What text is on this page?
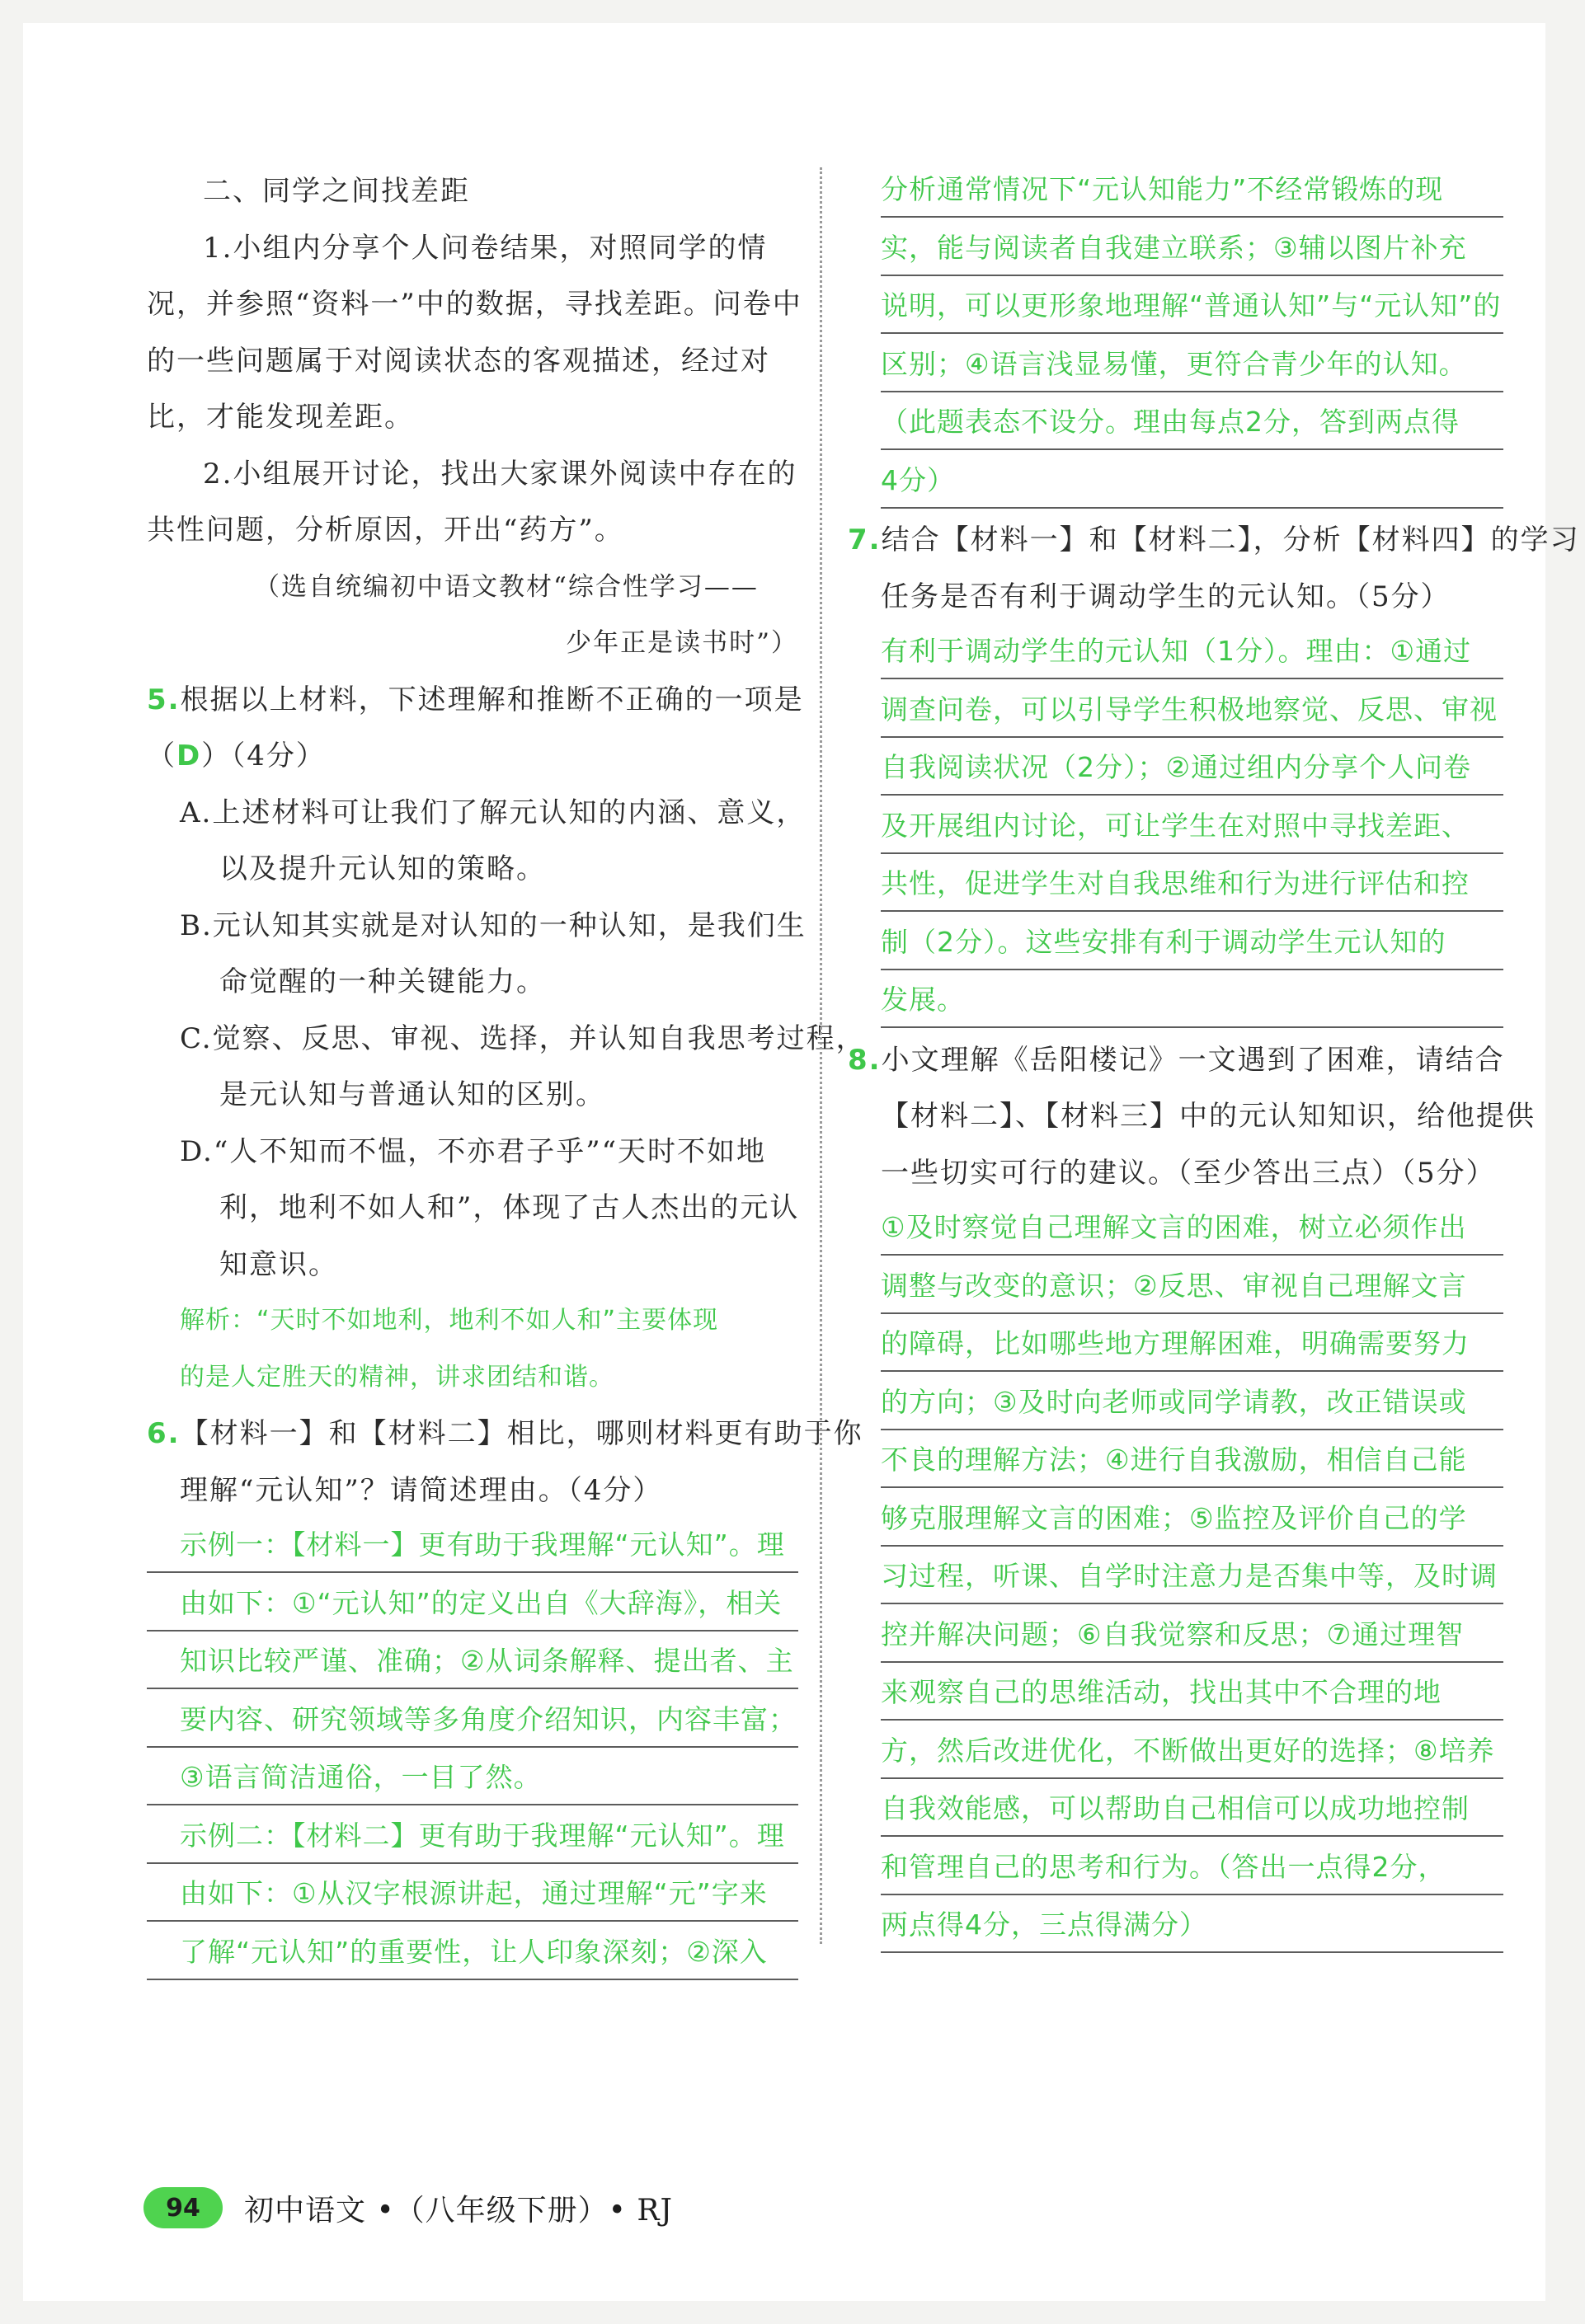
二、同学之间找差距
1.小组内分享个人问卷结果，对照同学的情
况，并参照“资料一”中的数据，寻找差距。问卷中
的一些问题属于对阅读状态的客观描述，经过对
比，才能发现差距。
2.小组展开讨论，找出大家课外阅读中存在的
共性问题，分析原因，开出“药方”。
（选自统编初中语文教材“综合性学习——
少年正是读书时”）
5.根据以上材料，下述理解和推断不正确的一项是
（D）（4分）
A.上述材料可让我们了解元认知的内涵、意义，
以及提升元认知的策略。
B.元认知其实就是对认知的一种认知，是我们生
命觉醒的一种关键能力。
C.觉察、反思、审视、选择，并认知自我思考过程，
是元认知与普通认知的区别。
D.“人不知而不愠，不亦君子乎”“天时不如地
利，地利不如人和”，体现了古人杰出的元认
知意识。
解析：“天时不如地利，地利不如人和”主要体现
的是人定胜天的精神，讲求团结和谐。
6.【材料一】和【材料二】相比，哪则材料更有助于你
理解“元认知”？请简述理由。（4分）
示例一：【材料一】更有助于我理解“元认知”。理
由如下：①“元认知”的定义出自《大辞海》，相关
知识比较严谨、准确；②从词条解释、提出者、主
要内容、研究领域等多角度介绍知识，内容丰富；
③语言简洁通俗，一目了然。
示例二：【材料二】更有助于我理解“元认知”。理
由如下：①从汉字根源讲起，通过理解“元”字来
了解“元认知”的重要性，让人印象深刻；②深入
分析通常情况下“元认知能力”不经常锻炼的现
实，能与阅读者自我建立联系；③辅以图片补充
说明，可以更形象地理解“普通认知”与“元认知”的
区别；④语言浅显易懂，更符合青少年的认知。
（此题表态不设分。理由每点2分，答到两点得
4分）
7.结合【材料一】和【材料二】，分析【材料四】的学习
任务是否有利于调动学生的元认知。（5分）
有利于调动学生的元认知（1分）。理由：①通过
调查问卷，可以引导学生积极地察觉、反思、审视
自我阅读状况（2分）；②通过组内分享个人问卷
及开展组内讨论，可让学生在对照中寻找差距、
共性，促进学生对自我思维和行为进行评估和控
制（2分）。这些安排有利于调动学生元认知的
发展。
8.小文理解《岳阳楼记》一文遇到了困难，请结合
【材料二】、【材料三】中的元认知知识，给他提供
一些切实可行的建议。（至少答出三点）（5分）
①及时察觉自己理解文言的困难，树立必须作出
调整与改变的意识；②反思、审视自己理解文言
的障碍，比如哪些地方理解困难，明确需要努力
的方向；③及时向老师或同学请教，改正错误或
不良的理解方法；④进行自我激励，相信自己能
够克服理解文言的困难；⑤监控及评价自己的学
习过程，听课、自学时注意力是否集中等，及时调
控并解决问题；⑥自我觉察和反思；⑦通过理智
来观察自己的思维活动，找出其中不合理的地
方，然后改进优化，不断做出更好的选择；⑧培养
自我效能感，可以帮助自己相信可以成功地控制
和管理自己的思考和行为。（答出一点得2分，
两点得4分，三点得满分）
94	初中语文 •（八年级下册）• RJ
